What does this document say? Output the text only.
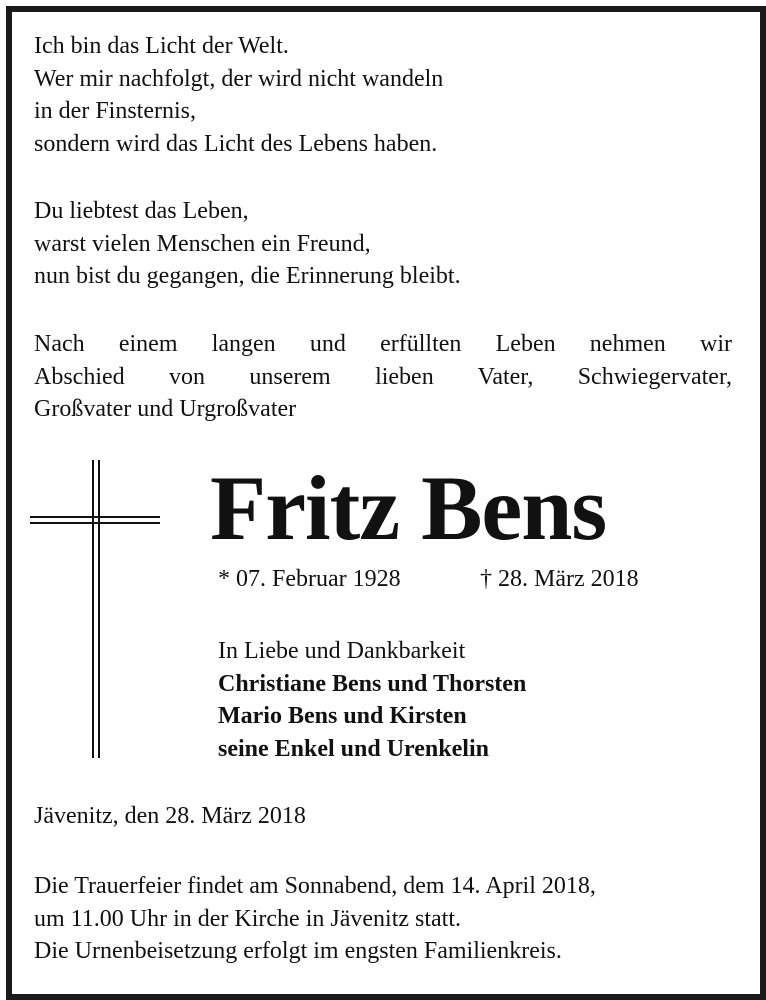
Ich bin das Licht der Welt.
Wer mir nachfolgt, der wird nicht wandeln
in der Finsternis,
sondern wird das Licht des Lebens haben.
Du liebtest das Leben,
warst vielen Menschen ein Freund,
nun bist du gegangen, die Erinnerung bleibt.
Nach einem langen und erfüllten Leben nehmen wir
Abschied von unserem lieben Vater, Schwiegervater,
Großvater und Urgroßvater
Fritz Bens
* 07. Februar 1928	† 28. März 2018
In Liebe und Dankbarkeit
Christiane Bens und Thorsten
Mario Bens und Kirsten
seine Enkel und Urenkelin
Jävenitz, den 28. März 2018
Die Trauerfeier findet am Sonnabend, dem 14. April 2018,
um 11.00 Uhr in der Kirche in Jävenitz statt.
Die Urnenbeisetzung erfolgt im engsten Familienkreis.
